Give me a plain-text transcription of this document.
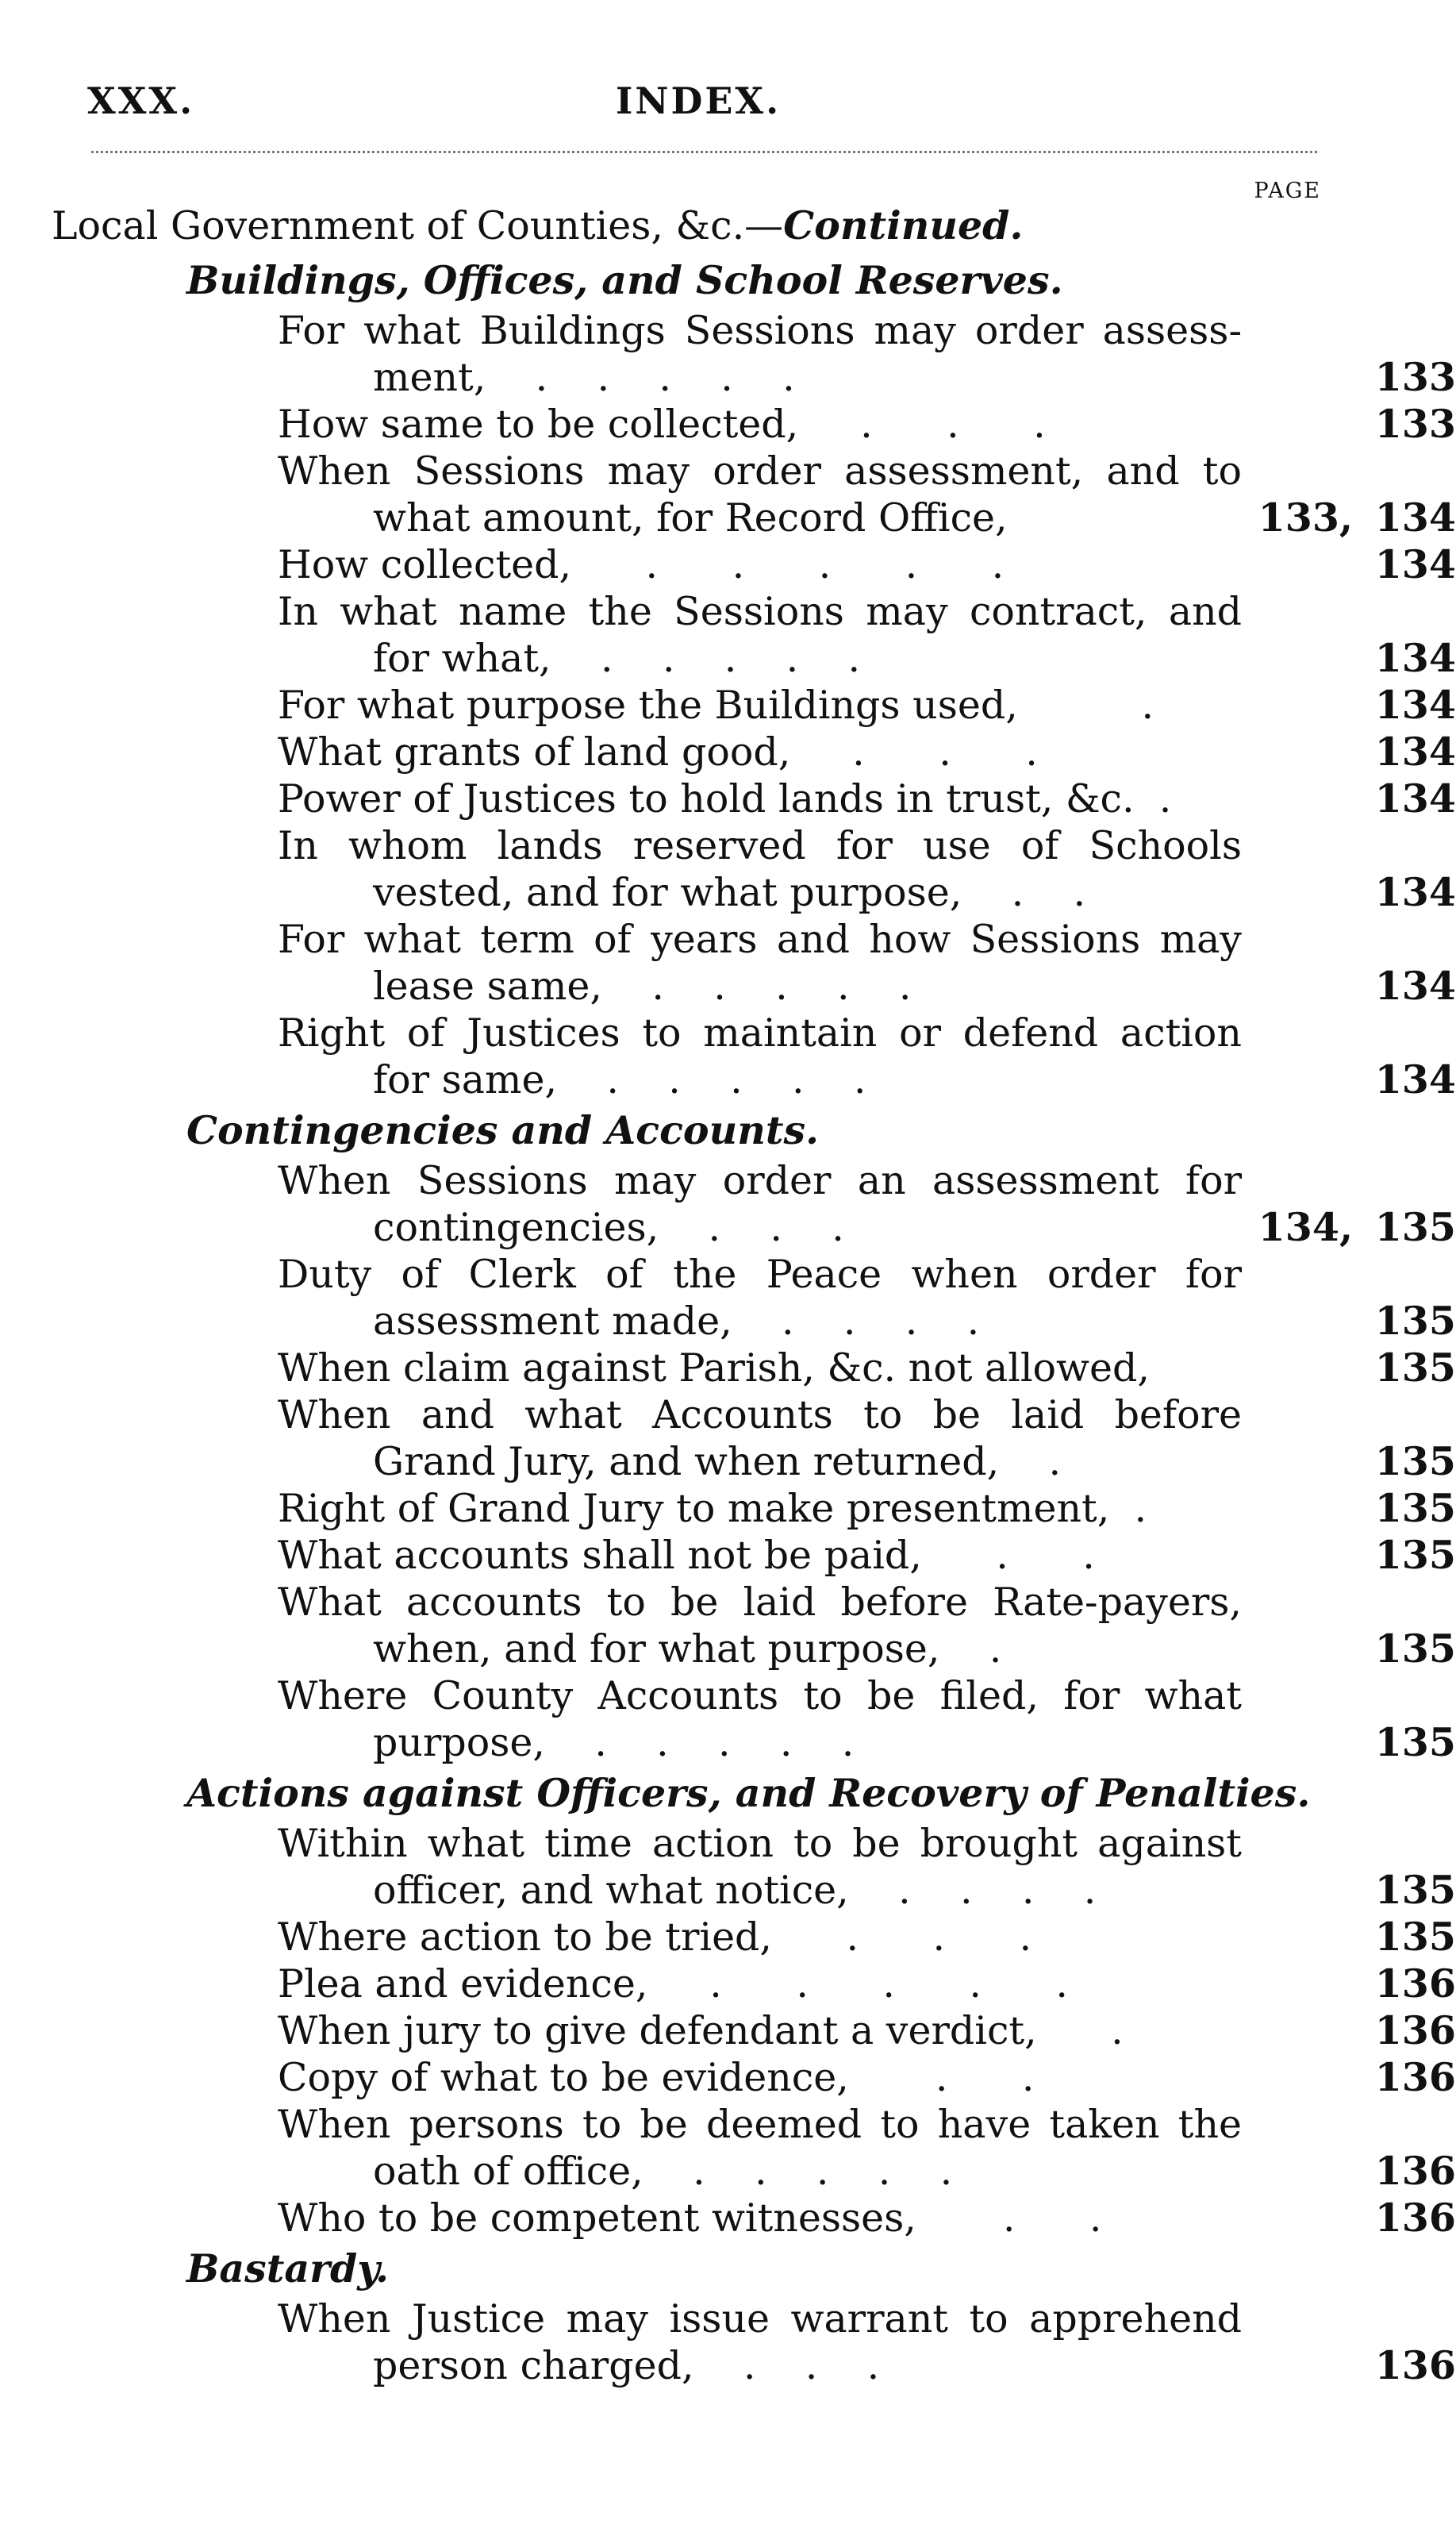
XXX.	INDEX.
PAGE

Local Government of Counties, &c.—Continued.

Buildings, Offices, and School Reserves.

For what Buildings Sessions may order assess-
ment, .    .    .    .    .	133
How same to be collected,     .      .      .	133
When Sessions may order assessment, and to
what amount, for Record Office,	133, 134
How collected,      .      .      .      .      .	134
In what name the Sessions may contract, and
for what, .    .    .    .    .	134
For what purpose the Buildings used,          .	134
What grants of land good,     .      .      .	134
Power of Justices to hold lands in trust, &c.  .	134
In whom lands reserved for use of Schools
vested, and for what purpose, .    .	134
For what term of years and how Sessions may
lease same, .    .    .    .    .	134
Right of Justices to maintain or defend action
for same, .    .    .    .    .	134

Contingencies and Accounts.

When Sessions may order an assessment for
contingencies, .    .    .	134, 135
Duty of Clerk of the Peace when order for
assessment made, .    .    .    .	135
When claim against Parish, &c. not allowed,	135
When and what Accounts to be laid before
Grand Jury, and when returned, .	135
Right of Grand Jury to make presentment,  .	135
What accounts shall not be paid,      .      .	135
What accounts to be laid before Rate-payers,
when, and for what purpose, .	135
Where County Accounts to be filed, for what
purpose, .    .    .    .    .	135

Actions against Officers, and Recovery of Penalties.

Within what time action to be brought against
officer, and what notice, .    .    .    .	135
Where action to be tried,      .      .      .	135
Plea and evidence,     .      .      .      .      .	136
When jury to give defendant a verdict,      .	136
Copy of what to be evidence,       .      .	136
When persons to be deemed to have taken the
oath of office, .    .    .    .    .	136
Who to be competent witnesses,       .      .	136

Bastardy.

When Justice may issue warrant to apprehend
person charged, .    .    .	136
